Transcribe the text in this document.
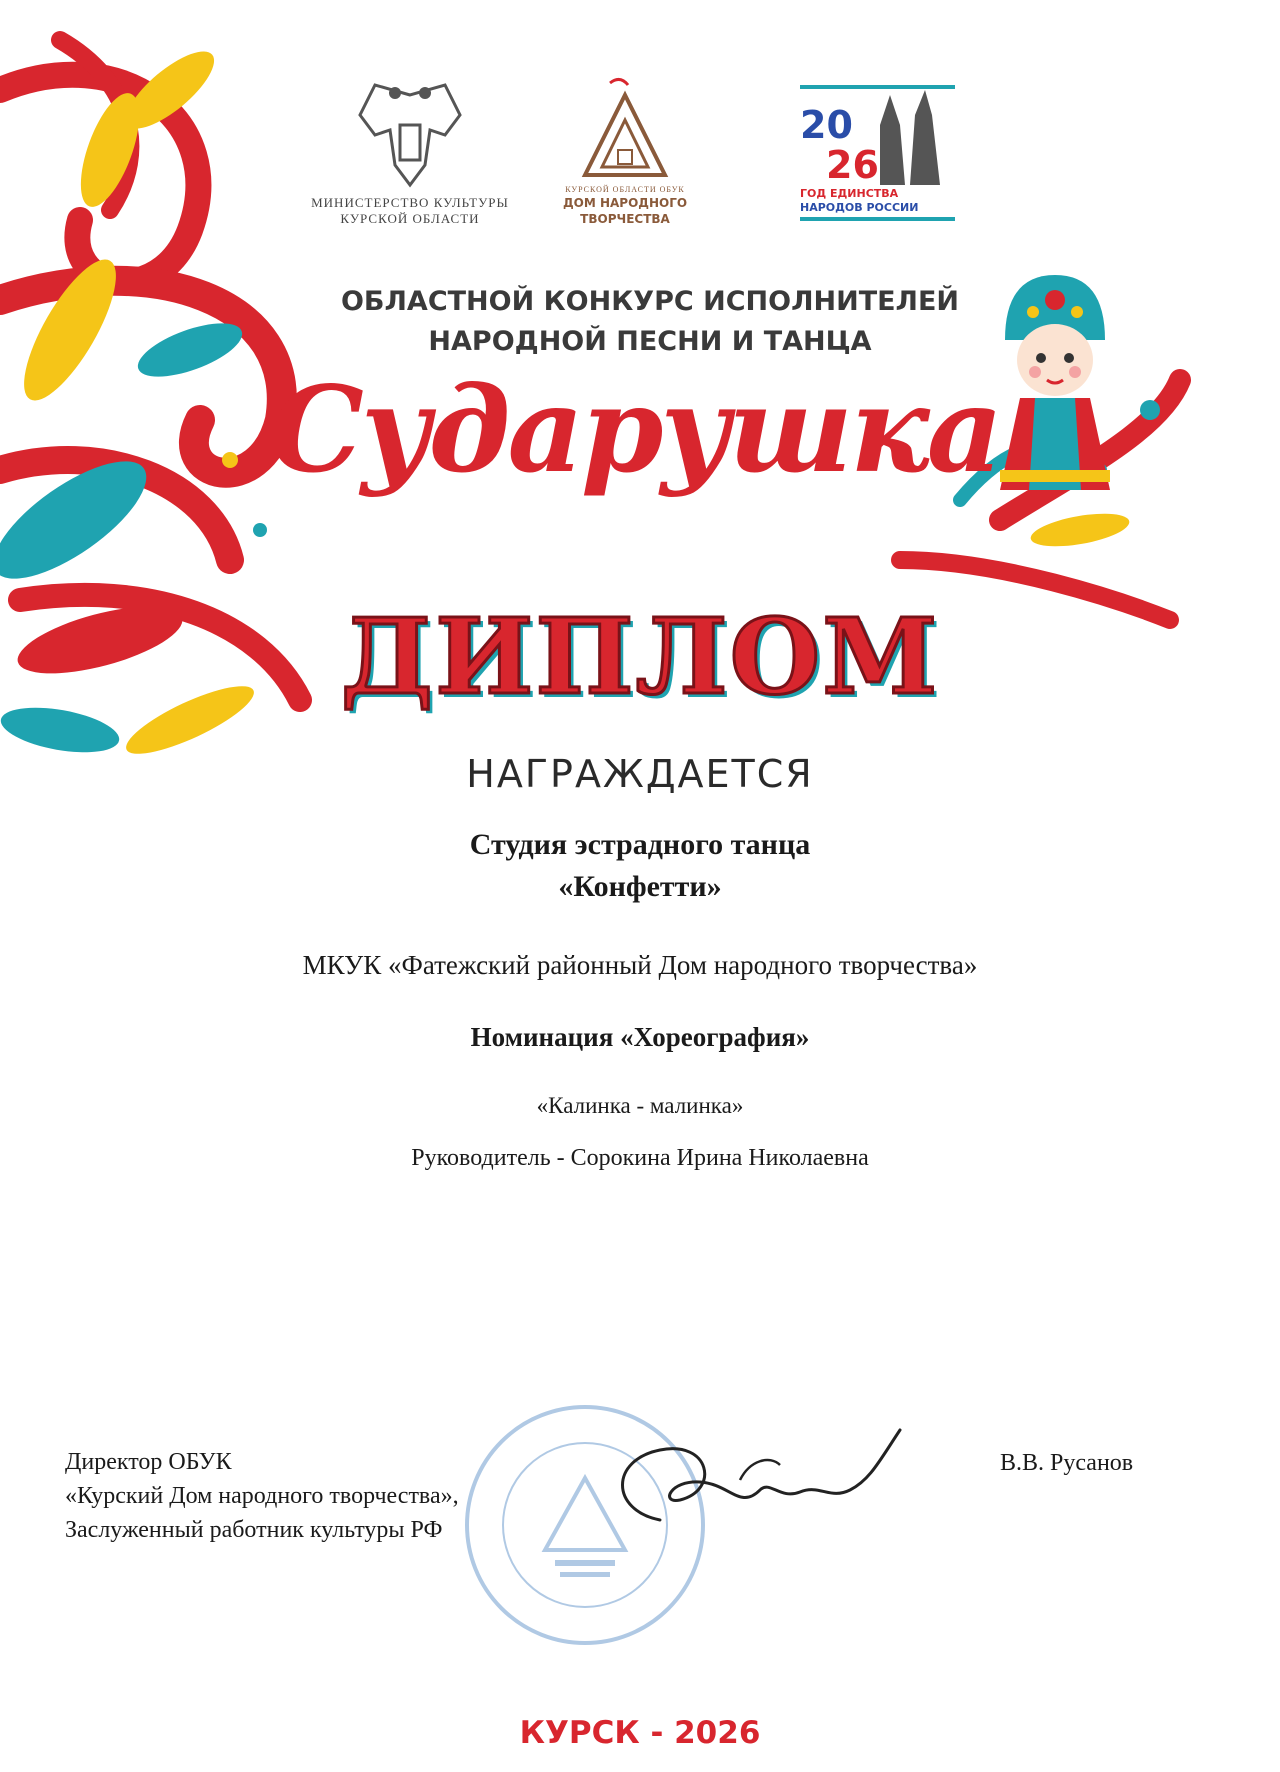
МИНИСТЕРСТВО КУЛЬТУРЫ
КУРСКОЙ ОБЛАСТИ
КУРСКОЙ ОБЛАСТИ ОБУК
ДОМ НАРОДНОГО
ТВОРЧЕСТВА
20
26
ГОД ЕДИНСТВА
НАРОДОВ РОССИИ
ОБЛАСТНОЙ КОНКУРС ИСПОЛНИТЕЛЕЙ
НАРОДНОЙ ПЕСНИ И ТАНЦА
Сударушка
ДИПЛОМ
НАГРАЖДАЕТСЯ
Студия эстрадного танца
«Конфетти»
МКУК «Фатежский районный Дом народного творчества»
Номинация «Хореография»
«Калинка - малинка»
Руководитель - Сорокина Ирина Николаевна
Директор ОБУК
«Курский Дом народного творчества»,
Заслуженный работник культуры РФ
В.В. Русанов
КУРСК - 2026
